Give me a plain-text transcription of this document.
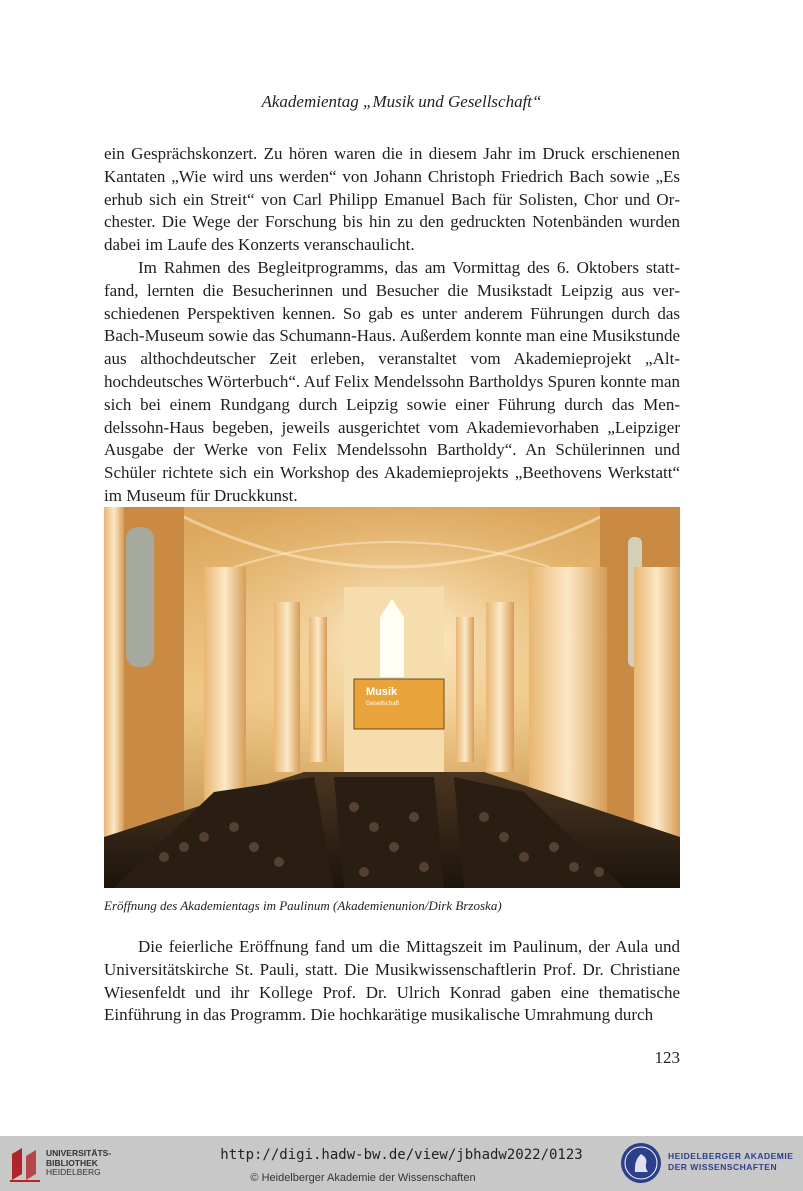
Akademientag „Musik und Gesellschaft“

ein Gesprächskonzert. Zu hören waren die in diesem Jahr im Druck erschienenen Kantaten „Wie wird uns werden“ von Johann Christoph Friedrich Bach sowie „Es erhub sich ein Streit“ von Carl Philipp Emanuel Bach für Solisten, Chor und Orchester. Die Wege der Forschung bis hin zu den gedruckten Notenbänden wurden dabei im Laufe des Konzerts veranschaulicht.

Im Rahmen des Begleitprogramms, das am Vormittag des 6. Oktobers stattfand, lernten die Besucherinnen und Besucher die Musikstadt Leipzig aus verschiedenen Perspektiven kennen. So gab es unter anderem Führungen durch das Bach-Museum sowie das Schumann-Haus. Außerdem konnte man eine Musikstunde aus althochdeutscher Zeit erleben, veranstaltet vom Akademieprojekt „Althochdeutsches Wörterbuch“. Auf Felix Mendelssohn Bartholdys Spuren konnte man sich bei einem Rundgang durch Leipzig sowie einer Führung durch das Mendelssohn-Haus begeben, jeweils ausgerichtet vom Akademievorhaben „Leipziger Ausgabe der Werke von Felix Mendelssohn Bartholdy“. An Schülerinnen und Schüler richtete sich ein Workshop des Akademieprojekts „Beethovens Werkstatt“ im Museum für Druckkunst.

Musik
Gesellschaft
Eröffnung des Akademientags im Paulinum (Akademienunion/Dirk Brzoska)

Die feierliche Eröffnung fand um die Mittagszeit im Paulinum, der Aula und Universitätskirche St. Pauli, statt. Die Musikwissenschaftlerin Prof. Dr. Christiane Wiesenfeldt und ihr Kollege Prof. Dr. Ulrich Konrad gaben eine thematische Einführung in das Programm. Die hochkarätige musikalische Umrahmung durch

123
UNIVERSITÄTS-
BIBLIOTHEK
HEIDELBERG
http://digi.hadw-bw.de/view/jbhadw2022/0123
© Heidelberger Akademie der Wissenschaften
HEIDELBERGER AKADEMIE
DER WISSENSCHAFTEN
